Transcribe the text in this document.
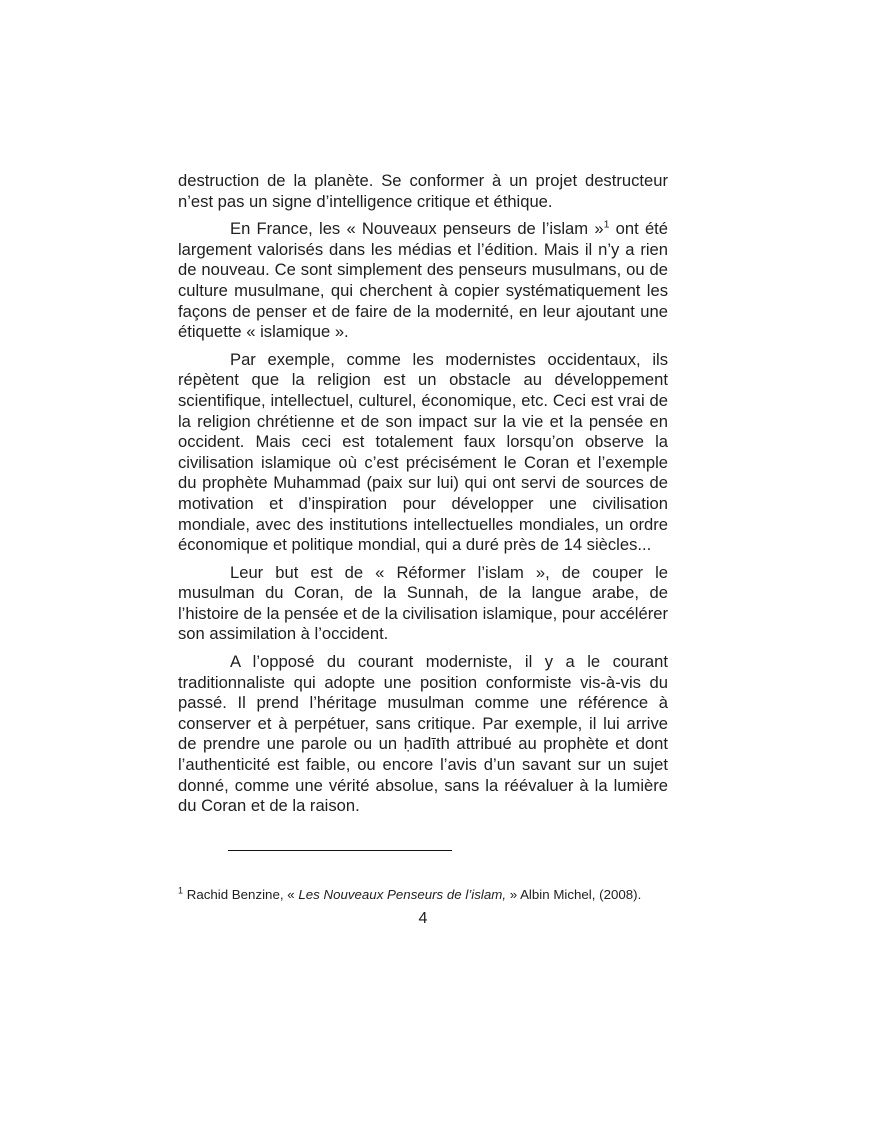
destruction de la planète. Se conformer à un projet destructeur n’est pas un signe d’intelligence critique et éthique.

En France, les « Nouveaux penseurs de l’islam »$^1$ ont été largement valorisés dans les médias et l’édition. Mais il n’y a rien de nouveau. Ce sont simplement des penseurs musulmans, ou de culture musulmane, qui cherchent à copier systématiquement les façons de penser et de faire de la modernité, en leur ajoutant une étiquette « islamique ».

Par exemple, comme les modernistes occidentaux, ils répètent que la religion est un obstacle au développement scientifique, intellectuel, culturel, économique, etc. Ceci est vrai de la religion chrétienne et de son impact sur la vie et la pensée en occident. Mais ceci est totalement faux lorsqu’on observe la civilisation islamique où c’est précisément le Coran et l’exemple du prophète Muhammad (paix sur lui) qui ont servi de sources de motivation et d’inspiration pour développer une civilisation mondiale, avec des institutions intellectuelles mondiales, un ordre économique et politique mondial, qui a duré près de 14 siècles...

Leur but est de « Réformer l’islam », de couper le musulman du Coran, de la Sunnah, de la langue arabe, de l’histoire de la pensée et de la civilisation islamique, pour accélérer son assimilation à l’occident.

A l’opposé du courant moderniste, il y a le courant traditionnaliste qui adopte une position conformiste vis-à-vis du passé. Il prend l’héritage musulman comme une référence à conserver et à perpétuer, sans critique. Par exemple, il lui arrive de prendre une parole ou un ḥadīth attribué au prophète et dont l’authenticité est faible, ou encore l’avis d’un savant sur un sujet donné, comme une vérité absolue, sans la réévaluer à la lumière du Coran et de la raison.

$^1$ Rachid Benzine, « Les Nouveaux Penseurs de l’islam, » Albin Michel, (2008).
4
